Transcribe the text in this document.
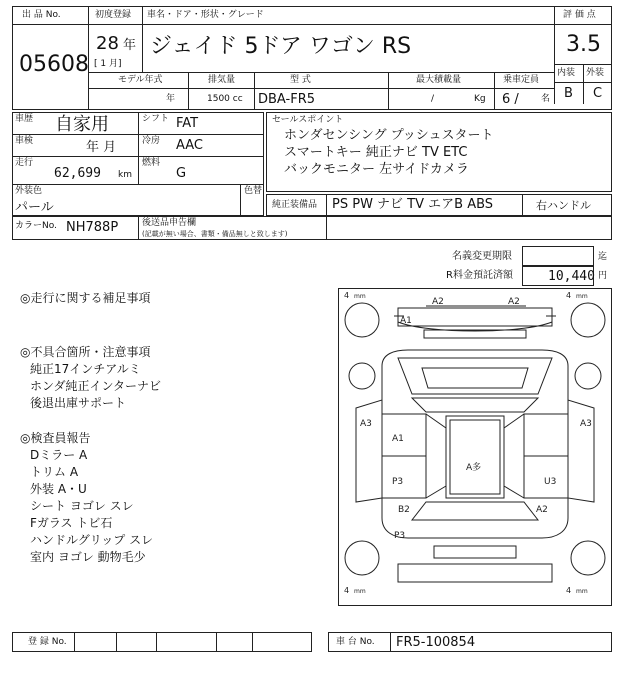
出 品 No.
05608
初度登録 車名・ドア・形状・グレード
28 年
[ 1 月]
ジェイド 5ドア ワゴン RS
評 価 点
3.5
内装 外装
B C
モデル年式	排気量	型 式	最大積載量	乗車定員
年	1500 cc DBA-FR5	/	Kg 6 / 名
車歴 自家用
車検	年 月
走行
62,699 km
シフト FAT
冷房 AAC
燃料
G
外装色
パール
色替
セールスポイント
ホンダセンシング プッシュスタート
スマートキー 純正ナビ TV ETC
バックモニター 左サイドカメラ
純正装備品 PS PW ナビ TV エアB ABS	右ハンドル
カラーNo. NH788P	後送品申告欄
(記載が無い場合、書類・備品無しと致します)
名義変更期限	迄
R料金預託済額	10,440 円
◎走行に関する補足事項
◎不具合箇所・注意事項
純正17インチアルミ
ホンダ純正インターナビ
後退出庫サポート
◎検査員報告
Dミラー A
トリム A
外装 A・U
シート ヨゴレ スレ
Fガラス トビ石
ハンドルグリップ スレ
室内 ヨゴレ 動物毛少
4 mm	4 mm
4 mm	4 mm
A2	A2
A1
A3	A3
A1
A多
P3	U3
B2	A2
P3
登 録 No.	車 台 No. FR5-100854
